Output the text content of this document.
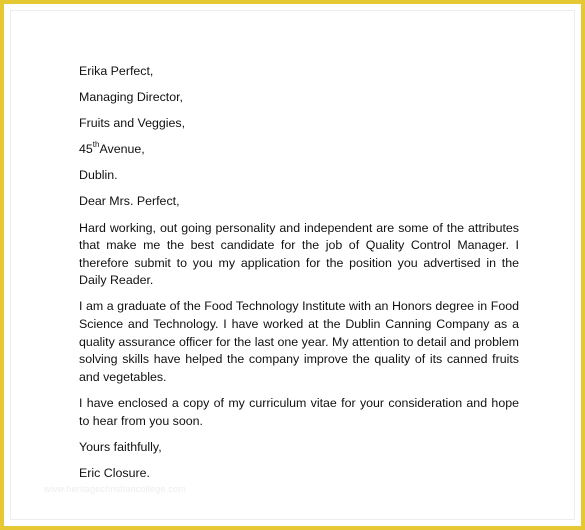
Erika Perfect,
Managing Director,
Fruits and Veggies,
45thAvenue,
Dublin.
Dear Mrs. Perfect,

Hard working, out going personality and independent are some of the attributes that make me the best candidate for the job of Quality Control Manager. I therefore submit to you my application for the position you advertised in the Daily Reader.

I am a graduate of the Food Technology Institute with an Honors degree in Food Science and Technology. I have worked at the Dublin Canning Company as a quality assurance officer for the last one year. My attention to detail and problem solving skills have helped the company improve the quality of its canned fruits and vegetables.

I have enclosed a copy of my curriculum vitae for your consideration and hope to hear from you soon.

Yours faithfully,
Eric Closure.
www.heritagechristiancollege.com
